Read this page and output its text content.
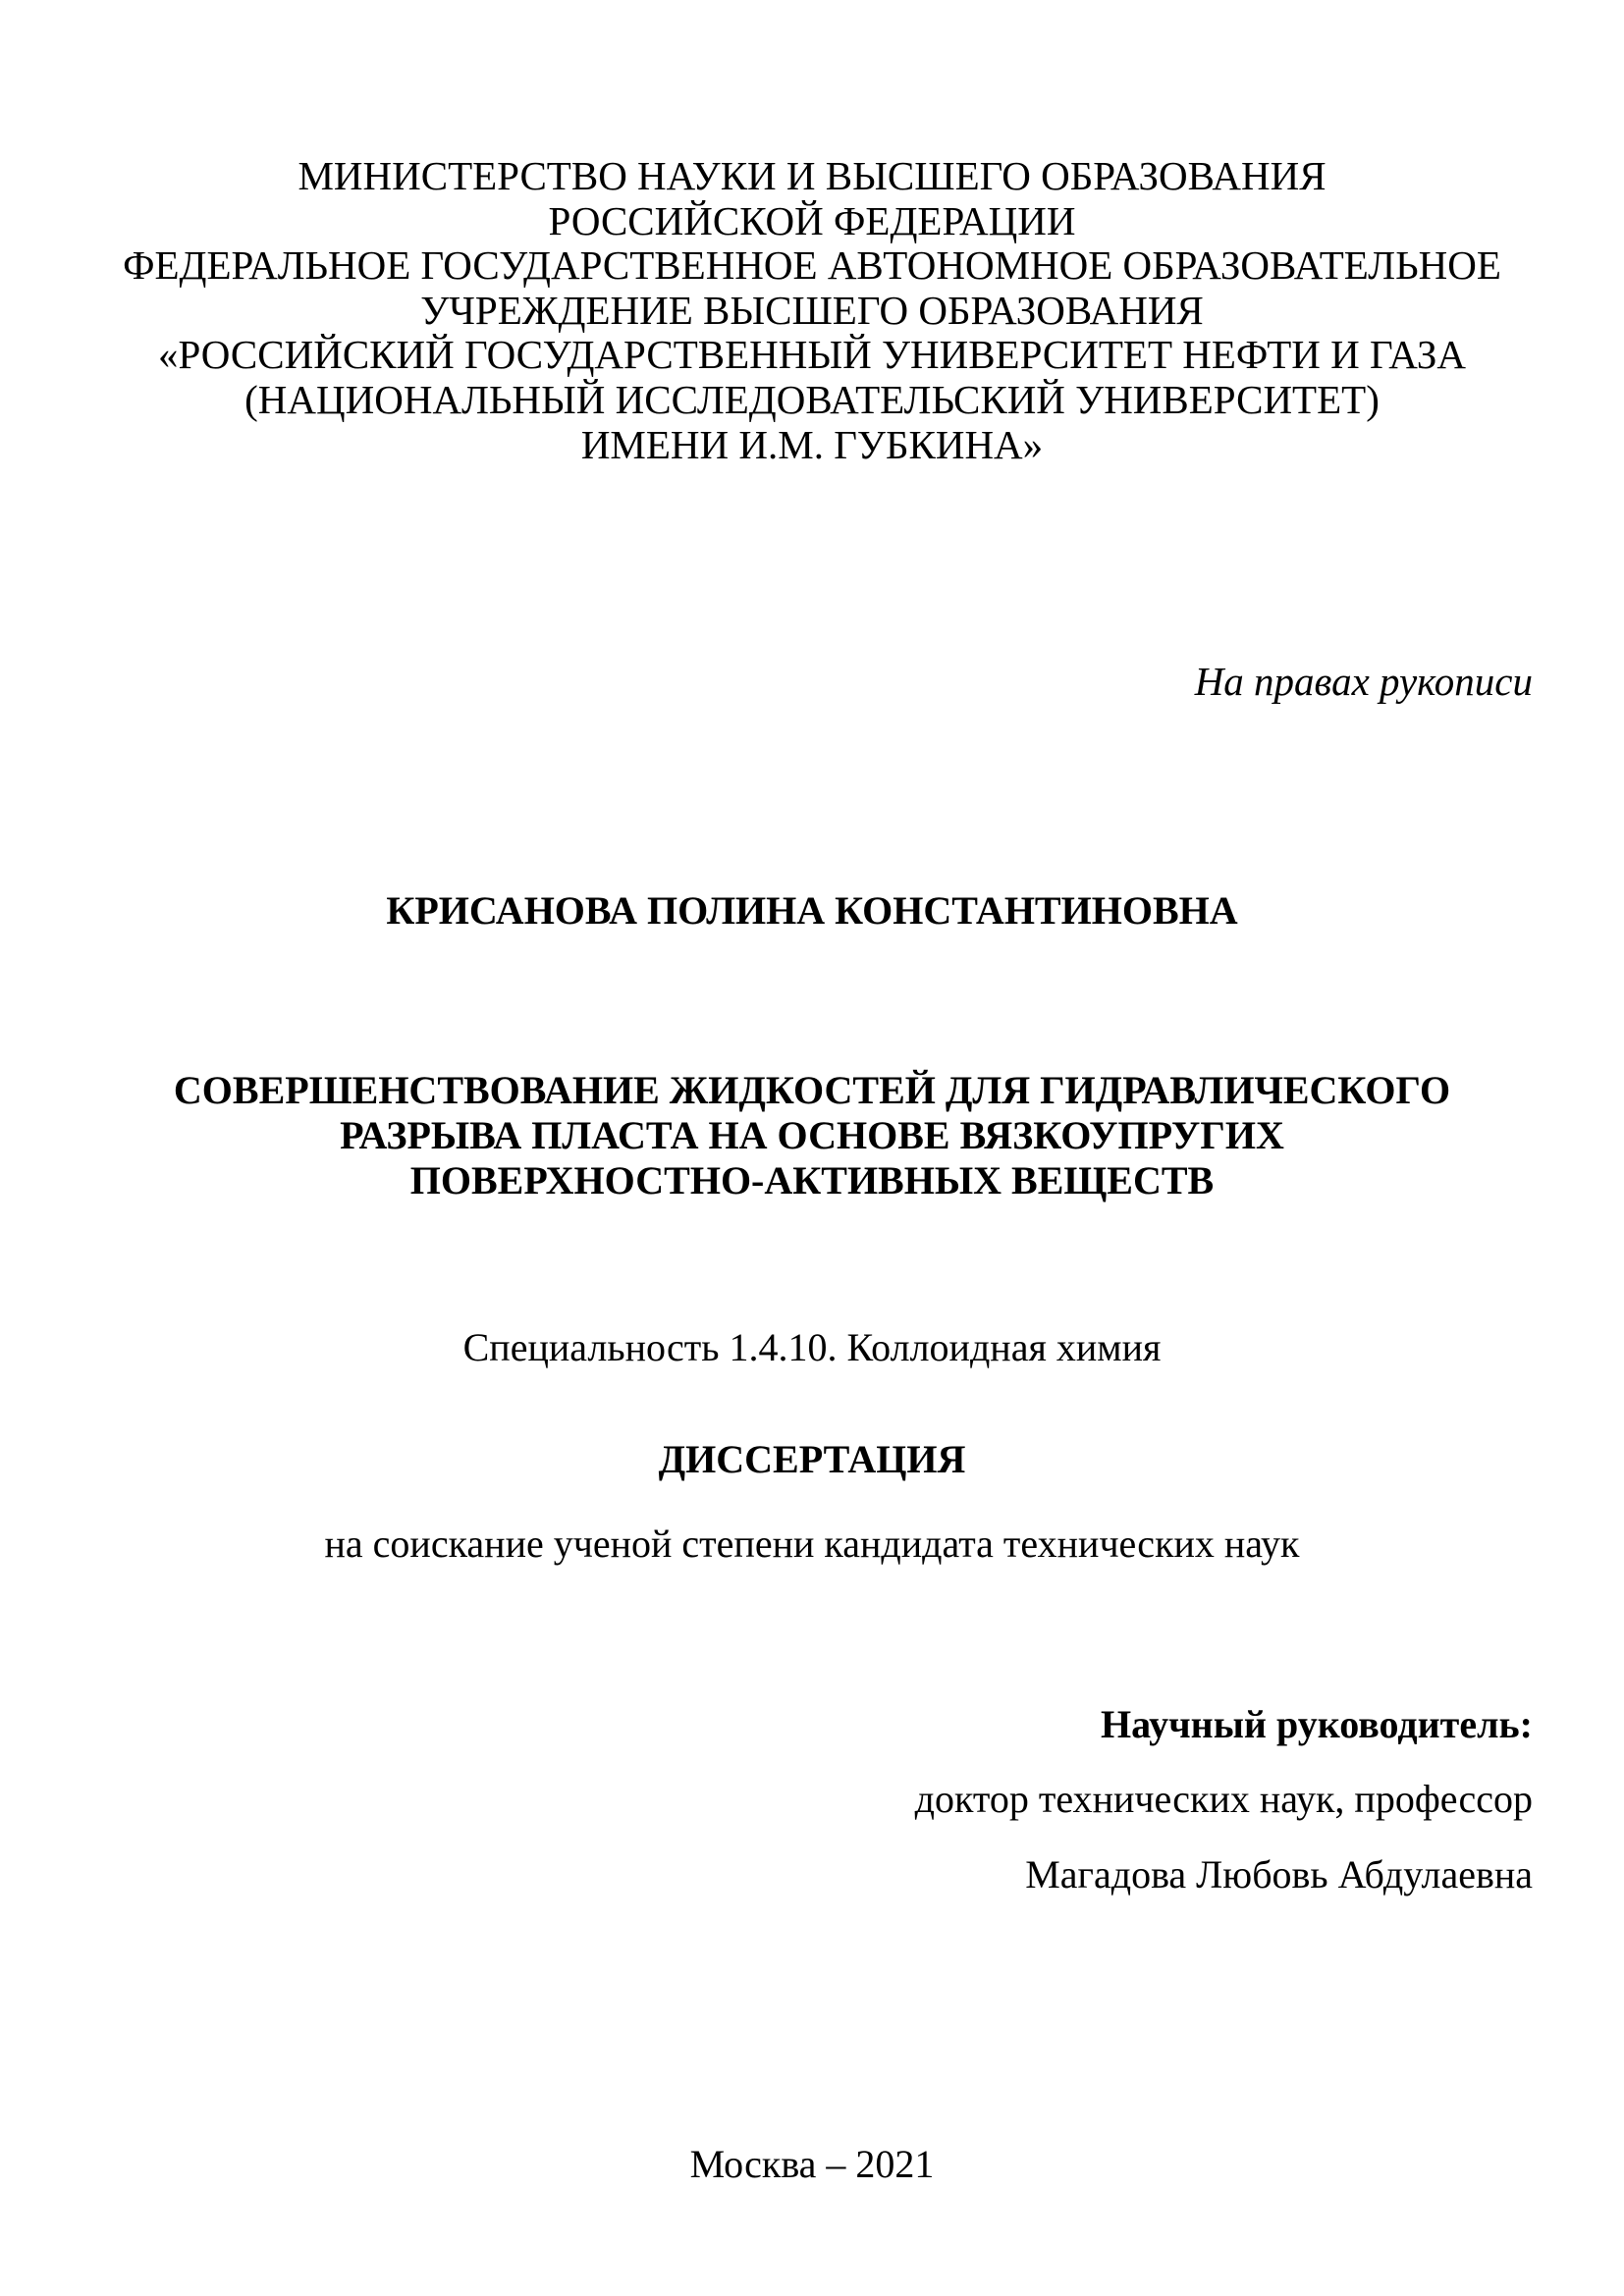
МИНИСТЕРСТВО НАУКИ И ВЫСШЕГО ОБРАЗОВАНИЯ
РОССИЙСКОЙ ФЕДЕРАЦИИ
ФЕДЕРАЛЬНОЕ ГОСУДАРСТВЕННОЕ АВТОНОМНОЕ ОБРАЗОВАТЕЛЬНОЕ
УЧРЕЖДЕНИЕ ВЫСШЕГО ОБРАЗОВАНИЯ
«РОССИЙСКИЙ ГОСУДАРСТВЕННЫЙ УНИВЕРСИТЕТ НЕФТИ И ГАЗА
(НАЦИОНАЛЬНЫЙ ИССЛЕДОВАТЕЛЬСКИЙ УНИВЕРСИТЕТ)
ИМЕНИ И.М. ГУБКИНА»
На правах рукописи
КРИСАНОВА ПОЛИНА КОНСТАНТИНОВНА
СОВЕРШЕНСТВОВАНИЕ ЖИДКОСТЕЙ ДЛЯ ГИДРАВЛИЧЕСКОГО
РАЗРЫВА ПЛАСТА НА ОСНОВЕ ВЯЗКОУПРУГИХ
ПОВЕРХНОСТНО-АКТИВНЫХ ВЕЩЕСТВ
Специальность 1.4.10. Коллоидная химия
ДИССЕРТАЦИЯ
на соискание ученой степени кандидата технических наук
Научный руководитель:
доктор технических наук, профессор
Магадова Любовь Абдулаевна
Москва – 2021
